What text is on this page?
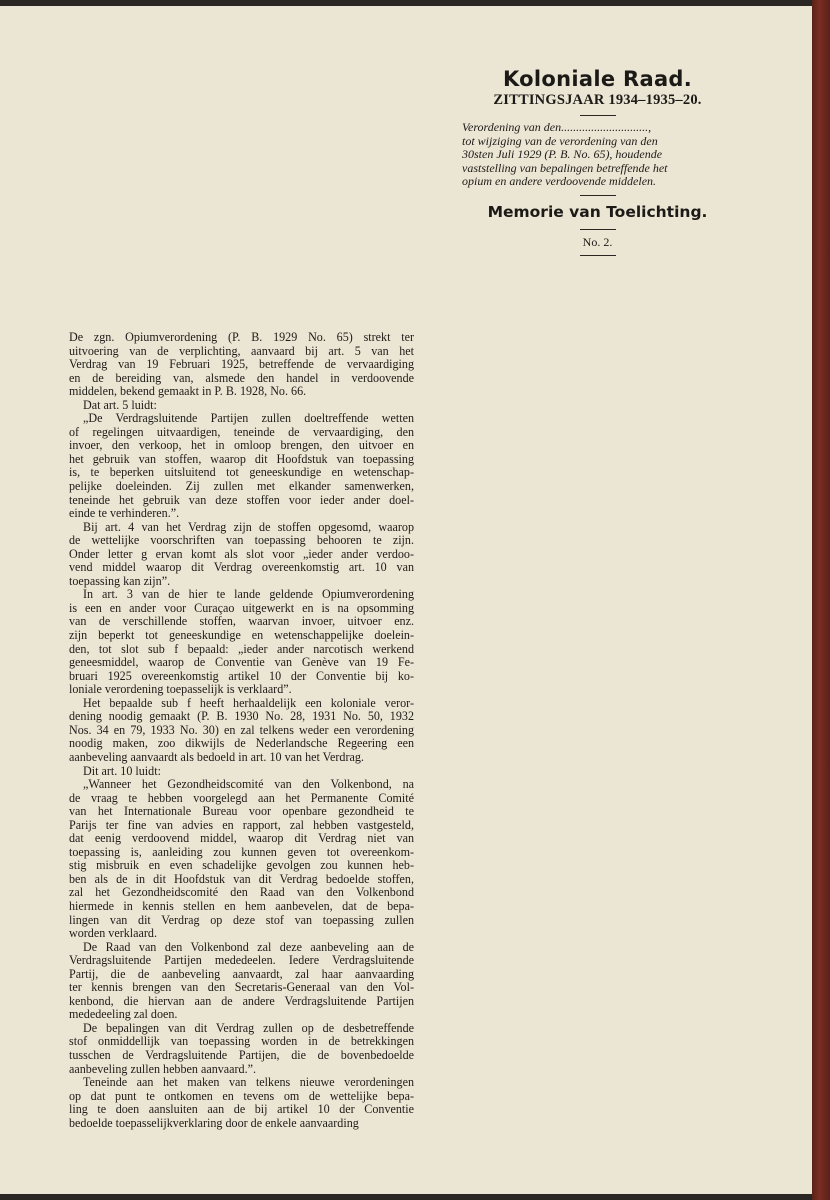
Koloniale Raad.
ZITTINGSJAAR 1934–1935–20.
Verordening van den.............................,
tot wijziging van de verordening van den
30sten Juli 1929 (P. B. No. 65), houdende
vaststelling van bepalingen betreffende het
opium en andere verdoovende middelen.
Memorie van Toelichting.
No. 2.
De zgn. Opiumverordening (P. B. 1929 No. 65) strekt ter
uitvoering van de verplichting, aanvaard bij art. 5 van het
Verdrag van 19 Februari 1925, betreffende de vervaardiging
en de bereiding van, alsmede den handel in verdoovende
middelen, bekend gemaakt in P. B. 1928, No. 66.
Dat art. 5 luidt:
„De Verdragsluitende Partijen zullen doeltreffende wetten
of regelingen uitvaardigen, teneinde de vervaardiging, den
invoer, den verkoop, het in omloop brengen, den uitvoer en
het gebruik van stoffen, waarop dit Hoofdstuk van toepassing
is, te beperken uitsluitend tot geneeskundige en wetenschap-
pelijke doeleinden. Zij zullen met elkander samenwerken,
teneinde het gebruik van deze stoffen voor ieder ander doel-
einde te verhinderen.”.
Bij art. 4 van het Verdrag zijn de stoffen opgesomd, waarop
de wettelijke voorschriften van toepassing behooren te zijn.
Onder letter g ervan komt als slot voor „ieder ander verdoo-
vend middel waarop dit Verdrag overeenkomstig art. 10 van
toepassing kan zijn”.
In art. 3 van de hier te lande geldende Opiumverordening
is een en ander voor Curaçao uitgewerkt en is na opsomming
van de verschillende stoffen, waarvan invoer, uitvoer enz.
zijn beperkt tot geneeskundige en wetenschappelijke doelein-
den, tot slot sub f bepaald: „ieder ander narcotisch werkend
geneesmiddel, waarop de Conventie van Genève van 19 Fe-
bruari 1925 overeenkomstig artikel 10 der Conventie bij ko-
loniale verordening toepasselijk is verklaard”.
Het bepaalde sub f heeft herhaaldelijk een koloniale veror-
dening noodig gemaakt (P. B. 1930 No. 28, 1931 No. 50, 1932
Nos. 34 en 79, 1933 No. 30) en zal telkens weder een verordening
noodig maken, zoo dikwijls de Nederlandsche Regeering een
aanbeveling aanvaardt als bedoeld in art. 10 van het Verdrag.
Dit art. 10 luidt:
„Wanneer het Gezondheidscomité van den Volkenbond, na
de vraag te hebben voorgelegd aan het Permanente Comité
van het Internationale Bureau voor openbare gezondheid te
Parijs ter fine van advies en rapport, zal hebben vastgesteld,
dat eenig verdoovend middel, waarop dit Verdrag niet van
toepassing is, aanleiding zou kunnen geven tot overeenkom-
stig misbruik en even schadelijke gevolgen zou kunnen heb-
ben als de in dit Hoofdstuk van dit Verdrag bedoelde stoffen,
zal het Gezondheidscomité den Raad van den Volkenbond
hiermede in kennis stellen en hem aanbevelen, dat de bepa-
lingen van dit Verdrag op deze stof van toepassing zullen
worden verklaard.
De Raad van den Volkenbond zal deze aanbeveling aan de
Verdragsluitende Partijen mededeelen. Iedere Verdragsluitende
Partij, die de aanbeveling aanvaardt, zal haar aanvaarding
ter kennis brengen van den Secretaris-Generaal van den Vol-
kenbond, die hiervan aan de andere Verdragsluitende Partijen
mededeeling zal doen.
De bepalingen van dit Verdrag zullen op de desbetreffende
stof onmiddellijk van toepassing worden in de betrekkingen
tusschen de Verdragsluitende Partijen, die de bovenbedoelde
aanbeveling zullen hebben aanvaard.”.
Teneinde aan het maken van telkens nieuwe verordeningen
op dat punt te ontkomen en tevens om de wettelijke bepa-
ling te doen aansluiten aan de bij artikel 10 der Conventie
bedoelde toepasselijkverklaring door de enkele aanvaarding
